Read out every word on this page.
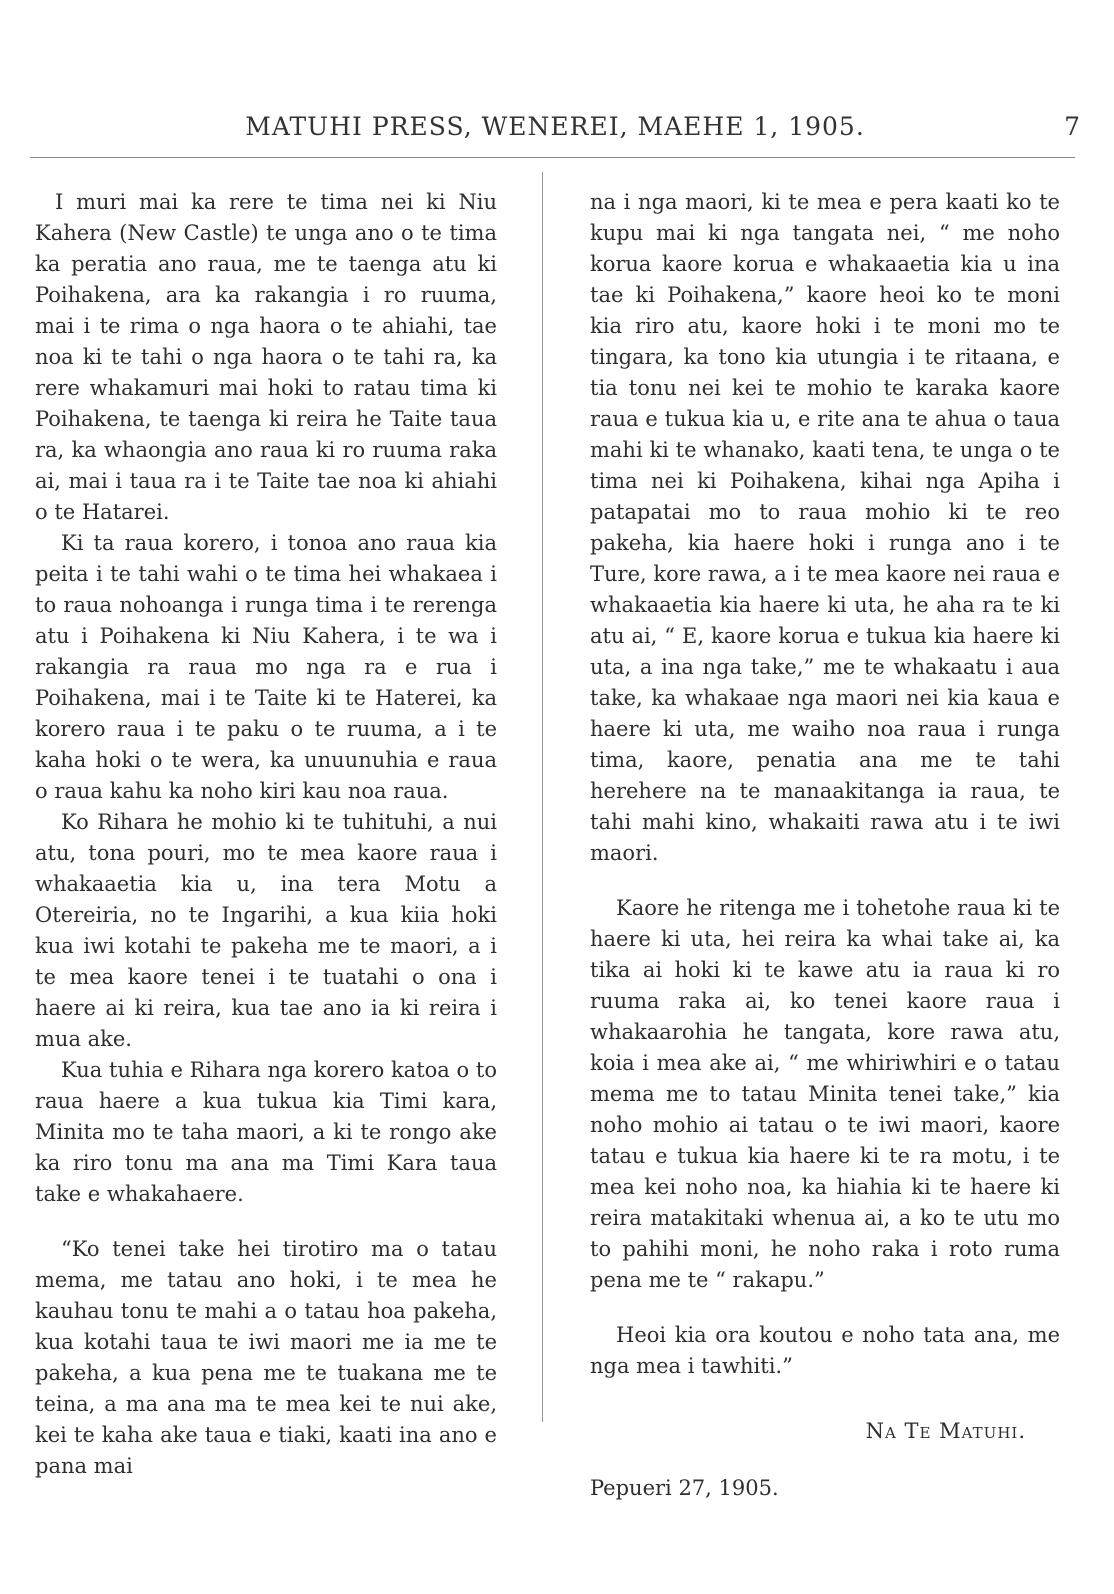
MATUHI PRESS, WENEREI, MAEHE 1, 1905.	7

I muri mai ka rere te tima nei ki Niu Kahera (New Castle) te unga ano o te tima ka peratia ano raua, me te taenga atu ki Poihakena, ara ka rakangia i ro ruuma, mai i te rima o nga haora o te ahiahi, tae noa ki te tahi o nga haora o te tahi ra, ka rere whakamuri mai hoki to ratau tima ki Poihakena, te taenga ki reira he Taite taua ra, ka whaongia ano raua ki ro ruuma raka ai, mai i taua ra i te Taite tae noa ki ahiahi o te Hatarei.

Ki ta raua korero, i tonoa ano raua kia peita i te tahi wahi o te tima hei whakaea i to raua nohoanga i runga tima i te rerenga atu i Poihakena ki Niu Kahera, i te wa i rakangia ra raua mo nga ra e rua i Poihakena, mai i te Taite ki te Haterei, ka korero raua i te paku o te ruuma, a i te kaha hoki o te wera, ka unuunuhia e raua o raua kahu ka noho kiri kau noa raua.

Ko Rihara he mohio ki te tuhituhi, a nui atu, tona pouri, mo te mea kaore raua i whakaaetia kia u, ina tera Motu a Otereiria, no te Ingarihi, a kua kiia hoki kua iwi kotahi te pakeha me te maori, a i te mea kaore tenei i te tuatahi o ona i haere ai ki reira, kua tae ano ia ki reira i mua ake.

Kua tuhia e Rihara nga korero katoa o to raua haere a kua tukua kia Timi kara, Minita mo te taha maori, a ki te rongo ake ka riro tonu ma ana ma Timi Kara taua take e whakahaere.

“Ko tenei take hei tirotiro ma o tatau mema, me tatau ano hoki, i te mea he kauhau tonu te mahi a o tatau hoa pakeha, kua kotahi taua te iwi maori me ia me te pakeha, a kua pena me te tuakana me te teina, a ma ana ma te mea kei te nui ake, kei te kaha ake taua e tiaki, kaati ina ano e pana mai

na i nga maori, ki te mea e pera kaati ko te kupu mai ki nga tangata nei, “ me noho korua kaore korua e whakaaetia kia u ina tae ki Poihakena,” kaore heoi ko te moni kia riro atu, kaore hoki i te moni mo te tingara, ka tono kia utungia i te ritaana, e tia tonu nei kei te mohio te karaka kaore raua e tukua kia u, e rite ana te ahua o taua mahi ki te whanako, kaati tena, te unga o te tima nei ki Poihakena, kihai nga Apiha i patapatai mo to raua mohio ki te reo pakeha, kia haere hoki i runga ano i te Ture, kore rawa, a i te mea kaore nei raua e whakaaetia kia haere ki uta, he aha ra te ki atu ai, “ E, kaore korua e tukua kia haere ki uta, a ina nga take,” me te whakaatu i aua take, ka whakaae nga maori nei kia kaua e haere ki uta, me waiho noa raua i runga tima, kaore, penatia ana me te tahi herehere na te manaakitanga ia raua, te tahi mahi kino, whakaiti rawa atu i te iwi maori.

Kaore he ritenga me i tohetohe raua ki te haere ki uta, hei reira ka whai take ai, ka tika ai hoki ki te kawe atu ia raua ki ro ruuma raka ai, ko tenei kaore raua i whakaarohia he tangata, kore rawa atu, koia i mea ake ai, “ me whiriwhiri e o tatau mema me to tatau Minita tenei take,” kia noho mohio ai tatau o te iwi maori, kaore tatau e tukua kia haere ki te ra motu, i te mea kei noho noa, ka hiahia ki te haere ki reira matakitaki whenua ai, a ko te utu mo to pahihi moni, he noho raka i roto ruma pena me te “ rakapu.”

Heoi kia ora koutou e noho tata ana, me nga mea i tawhiti.”

Na Te Matuhi.
Pepueri 27, 1905.
